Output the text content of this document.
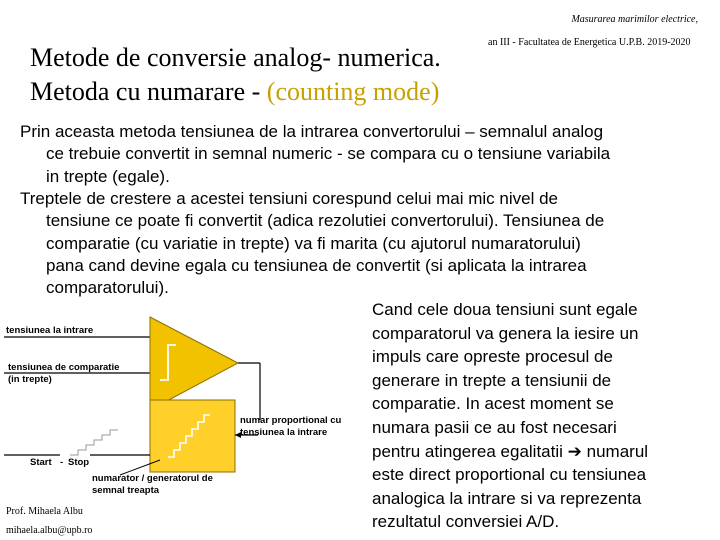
Masurarea marimilor electrice,
an III - Facultatea de Energetica U.P.B. 2019-2020
Metode de conversie analog- numerica.
Metoda cu numarare - (counting mode)
Prin aceasta metoda tensiunea de la intrarea convertorului – semnalul analog
ce trebuie convertit in semnal numeric - se compara cu o tensiune variabila
in trepte (egale).
Treptele de crestere a acestei tensiuni corespund celui mai mic nivel de
tensiune ce poate fi convertit (adica rezolutiei convertorului). Tensiunea de
comparatie (cu variatie in trepte) va fi marita (cu ajutorul numaratorului)
pana cand devine egala cu tensiunea de convertit (si aplicata la intrarea
comparatorului).
Cand cele doua tensiuni sunt egale
comparatorul va genera la iesire un
impuls care opreste procesul de
generare in trepte a tensiunii de
comparatie. In acest moment se
numara pasii ce au fost necesari
pentru atingerea egalitatii ➔ numarul
este direct proportional cu tensiunea
analogica la intrare si va reprezenta
rezultatul conversiei A/D.
tensiunea la intrare
tensiunea de comparatie
(in trepte)
numar proportional cu
tensiunea la intrare
Start - Stop
numarator / generatorul de
semnal treapta
Prof. Mihaela Albu
mihaela.albu@upb.ro
